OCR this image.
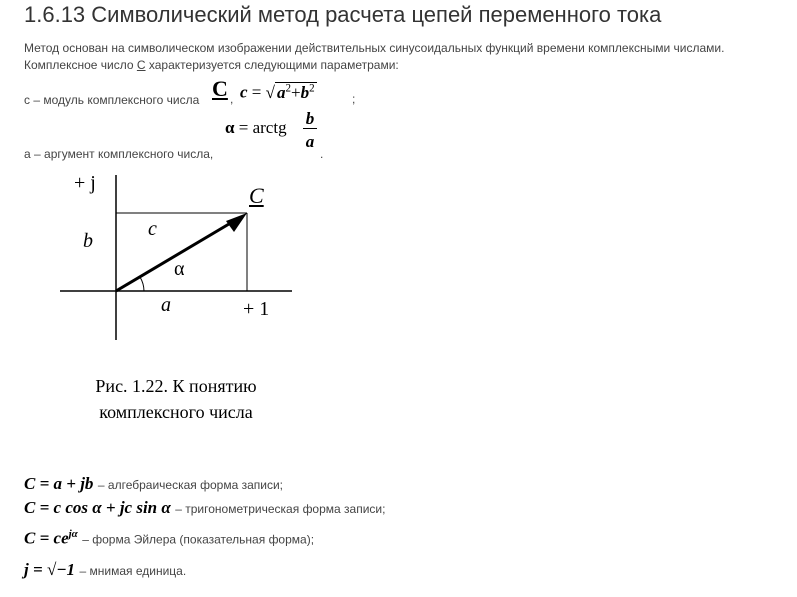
1.6.13 Символический метод расчета цепей переменного тока
Метод основан на символическом изображении действительных синусоидальных функций времени комплексными числами.
Комплексное число C характеризуется следующими параметрами:
с – модуль комплексного числа C , c = √ $a^2+b^2$
;
α = arctg b
a
а – аргумент комплексного числа,	.
+ j
b
c
C
α
a	+ 1
Рис. 1.22. К понятию
комплексного числа
C = a + jb – алгебраическая форма записи;
C = c cos α + jc sin α – тригонометрическая форма записи;
$C = ce^{j\alpha}$ – форма Эйлера (показательная форма);
j = √−1 – мнимая единица.
